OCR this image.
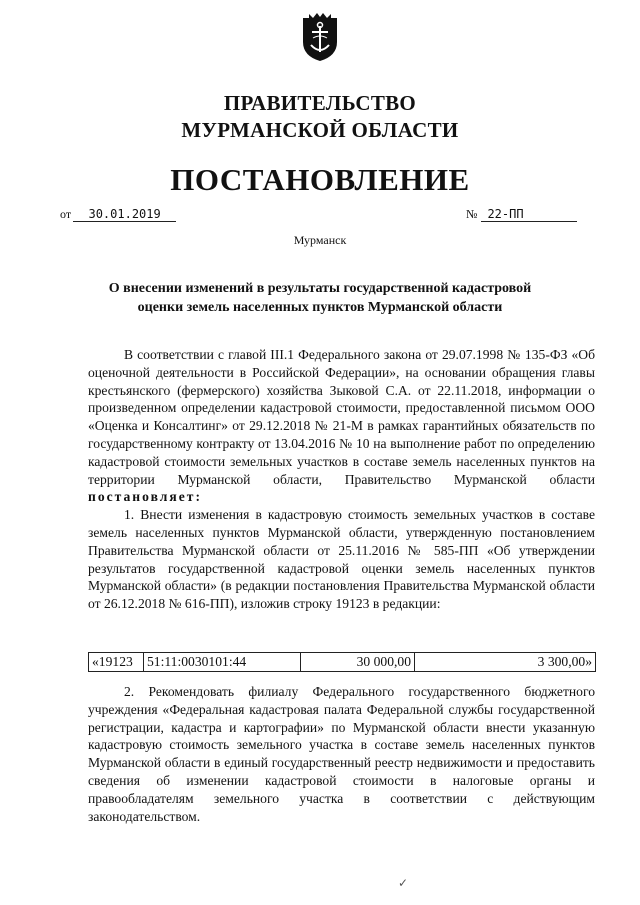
ПРАВИТЕЛЬСТВО
МУРМАНСКОЙ ОБЛАСТИ
ПОСТАНОВЛЕНИЕ
от 30.01.2019	№ 22-ПП
Мурманск
О внесении изменений в результаты государственной кадастровой
оценки земель населенных пунктов Мурманской области

В соответствии с главой III.1 Федерального закона от 29.07.1998 № 135-ФЗ «Об оценочной деятельности в Российской Федерации», на основании обращения главы крестьянского (фермерского) хозяйства Зыковой С.А. от 22.11.2018, информации о произведенном определении кадастровой стоимости, предоставленной письмом ООО «Оценка и Консалтинг» от 29.12.2018 № 21-М в рамках гарантийных обязательств по государственному контракту от 13.04.2016 № 10 на выполнение работ по определению кадастровой стоимости земельных участков в составе земель населенных пунктов на территории Мурманской области, Правительство Мурманской области постановляет:

1. Внести изменения в кадастровую стоимость земельных участков в составе земель населенных пунктов Мурманской области, утвержденную постановлением Правительства Мурманской области от 25.11.2016 № 585-ПП «Об утверждении результатов государственной кадастровой оценки земель населенных пунктов Мурманской области» (в редакции постановления Правительства Мурманской области от 26.12.2018 № 616-ПП), изложив строку 19123 в редакции:

«19123	51:11:0030101:44	30 000,00	3 300,00»

2. Рекомендовать филиалу Федерального государственного бюджетного учреждения «Федеральная кадастровая палата Федеральной службы государственной регистрации, кадастра и картографии» по Мурманской области внести указанную кадастровую стоимость земельного участка в составе земель населенных пунктов Мурманской области в единый государственный реестр недвижимости и предоставить сведения об изменении кадастровой стоимости в налоговые органы и правообладателям земельного участка в соответствии с действующим законодательством.

✓
